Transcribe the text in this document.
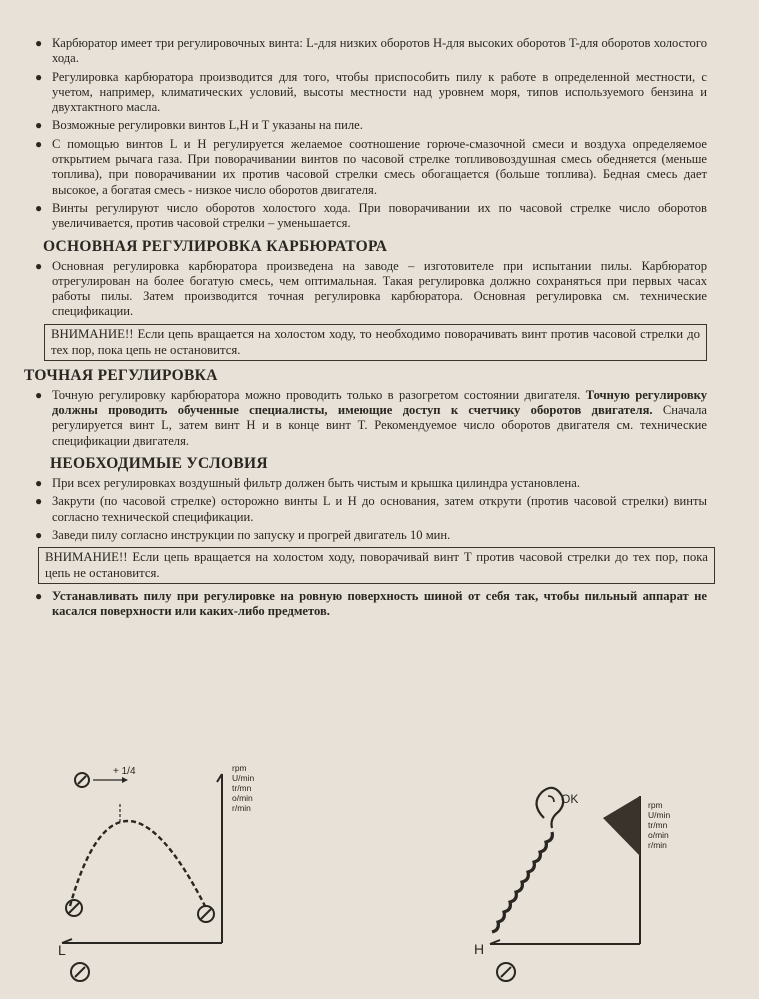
● Карбюратор имеет три регулировочных винта: L-для низких оборотов H-для высоких оборотов T-для оборотов холостого хода.

● Регулировка карбюратора производится для того, чтобы приспособить пилу к работе в определенной местности, с учетом, например, климатических условий, высоты местности над уровнем моря, типов используемого бензина и двухтактного масла.

● Возможные регулировки винтов L,H и T указаны на пиле.

● С помощью винтов L и H регулируется желаемое соотношение горюче-смазочной смеси и воздуха определяемое открытием рычага газа. При поворачивании винтов по часовой стрелке топливовоздушная смесь обедняется (меньше топлива), при поворачивании их против часовой стрелки смесь обогащается (больше топлива). Бедная смесь дает высокое, а богатая смесь - низкое число оборотов двигателя.

● Винты регулируют число оборотов холостого хода. При поворачивании их по часовой стрелке число оборотов увеличивается, против часовой стрелки – уменьшается.

ОСНОВНАЯ РЕГУЛИРОВКА КАРБЮРАТОРА

● Основная регулировка карбюратора произведена на заводе – изготовителе при испытании пилы. Карбюратор отрегулирован на более богатую смесь, чем оптимальная. Такая регулировка должно сохраняться при первых часах работы пилы. Затем производится точная регулировка карбюратора. Основная регулировка см. технические спецификации.

ВНИМАНИЕ!! Если цепь вращается на холостом ходу, то необходимо поворачивать винт против часовой стрелки до тех пор, пока цепь не остановится.
ТОЧНАЯ РЕГУЛИРОВКА

● Точную регулировку карбюратора можно проводить только в разогретом состоянии двигателя. Точную регулировку должны проводить обученные специалисты, имеющие доступ к счетчику оборотов двигателя. Сначала регулируется винт L, затем винт H и в конце винт T. Рекомендуемое число оборотов двигателя см. технические спецификации двигателя.

НЕОБХОДИМЫЕ УСЛОВИЯ

● При всех регулировках воздушный фильтр должен быть чистым и крышка цилиндра установлена.

● Закрути (по часовой стрелке) осторожно винты L и H до основания, затем открути (против часовой стрелки) винты согласно технической спецификации.

● Заведи пилу согласно инструкции по запуску и прогрей двигатель 10 мин.

ВНИМАНИЕ!! Если цепь вращается на холостом ходу, поворачивай винт T против часовой стрелки до тех пор, пока цепь не остановится.

● Устанавливать пилу при регулировке на ровную поверхность шиной от себя так, чтобы пильный аппарат не касался поверхности или каких-либо предметов.

+ 1/4
L
rpm
U/min
tr/mn
o/min
r/min
H
OK	rpm
U/min
tr/mn
o/min
r/min
